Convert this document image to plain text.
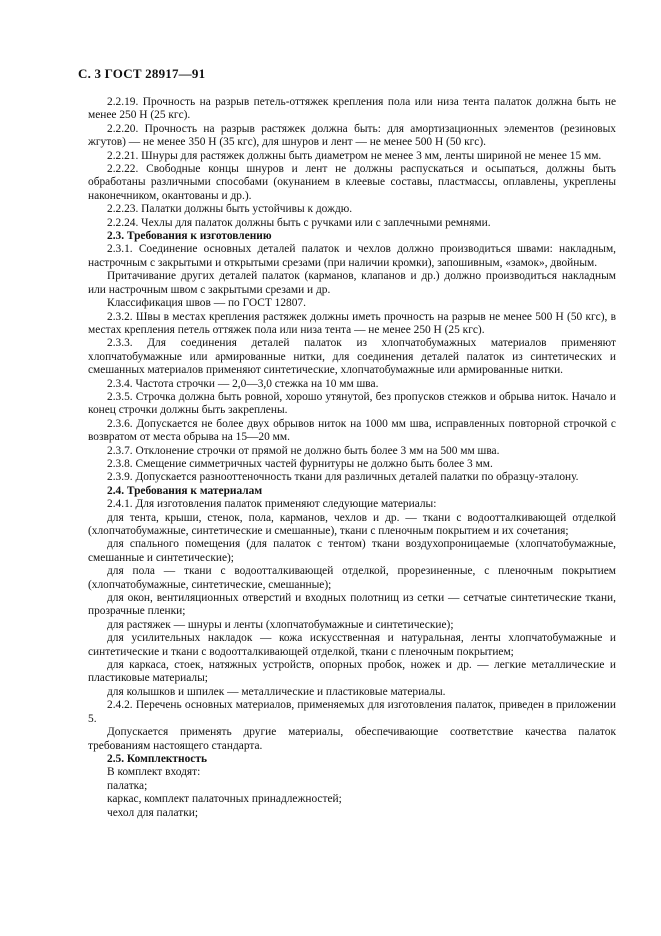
С. 3 ГОСТ 28917—91

2.2.19. Прочность на разрыв петель-оттяжек крепления пола или низа тента палаток должна быть не менее 250 Н (25 кгс).

2.2.20. Прочность на разрыв растяжек должна быть: для амортизационных элементов (резиновых жгутов) — не менее 350 Н (35 кгс), для шнуров и лент — не менее 500 Н (50 кгс).

2.2.21. Шнуры для растяжек должны быть диаметром не менее 3 мм, ленты шириной не менее 15 мм.

2.2.22. Свободные концы шнуров и лент не должны распускаться и осыпаться, должны быть обработаны различными способами (окунанием в клеевые составы, пластмассы, оплавлены, укреплены наконечником, окантованы и др.).

2.2.23. Палатки должны быть устойчивы к дождю.

2.2.24. Чехлы для палаток должны быть с ручками или с заплечными ремнями.

2.3. Требования к изготовлению

2.3.1. Соединение основных деталей палаток и чехлов должно производиться швами: накладным, настрочным с закрытыми и открытыми срезами (при наличии кромки), запошивным, «замок», двойным.

Притачивание других деталей палаток (карманов, клапанов и др.) должно производиться накладным или настрочным швом с закрытыми срезами и др.

Классификация швов — по ГОСТ 12807.

2.3.2. Швы в местах крепления растяжек должны иметь прочность на разрыв не менее 500 Н (50 кгс), в местах крепления петель оттяжек пола или низа тента — не менее 250 Н (25 кгс).

2.3.3. Для соединения деталей палаток из хлопчатобумажных материалов применяют хлопчатобумажные или армированные нитки, для соединения деталей палаток из синтетических и смешанных материалов применяют синтетические, хлопчатобумажные или армированные нитки.

2.3.4. Частота строчки — 2,0—3,0 стежка на 10 мм шва.

2.3.5. Строчка должна быть ровной, хорошо утянутой, без пропусков стежков и обрыва ниток. Начало и конец строчки должны быть закреплены.

2.3.6. Допускается не более двух обрывов ниток на 1000 мм шва, исправленных повторной строчкой с возвратом от места обрыва на 15—20 мм.

2.3.7. Отклонение строчки от прямой не должно быть более 3 мм на 500 мм шва.

2.3.8. Смещение симметричных частей фурнитуры не должно быть более 3 мм.

2.3.9. Допускается разнооттеночность ткани для различных деталей палатки по образцу-эталону.

2.4. Требования к материалам

2.4.1. Для изготовления палаток применяют следующие материалы:

для тента, крыши, стенок, пола, карманов, чехлов и др. — ткани с водоотталкивающей отделкой (хлопчатобумажные, синтетические и смешанные), ткани с пленочным покрытием и их сочетания;

для спального помещения (для палаток с тентом) ткани воздухопроницаемые (хлопчатобумажные, смешанные и синтетические);

для пола — ткани с водоотталкивающей отделкой, прорезиненные, с пленочным покрытием (хлопчатобумажные, синтетические, смешанные);

для окон, вентиляционных отверстий и входных полотнищ из сетки — сетчатые синтетические ткани, прозрачные пленки;

для растяжек — шнуры и ленты (хлопчатобумажные и синтетические);

для усилительных накладок — кожа искусственная и натуральная, ленты хлопчатобумажные и синтетические и ткани с водоотталкивающей отделкой, ткани с пленочным покрытием;

для каркаса, стоек, натяжных устройств, опорных пробок, ножек и др. — легкие металлические и пластиковые материалы;

для колышков и шпилек — металлические и пластиковые материалы.

2.4.2. Перечень основных материалов, применяемых для изготовления палаток, приведен в приложении 5.

Допускается применять другие материалы, обеспечивающие соответствие качества палаток требованиям настоящего стандарта.

2.5. Комплектность

В комплект входят:

палатка;

каркас, комплект палаточных принадлежностей;

чехол для палатки;
